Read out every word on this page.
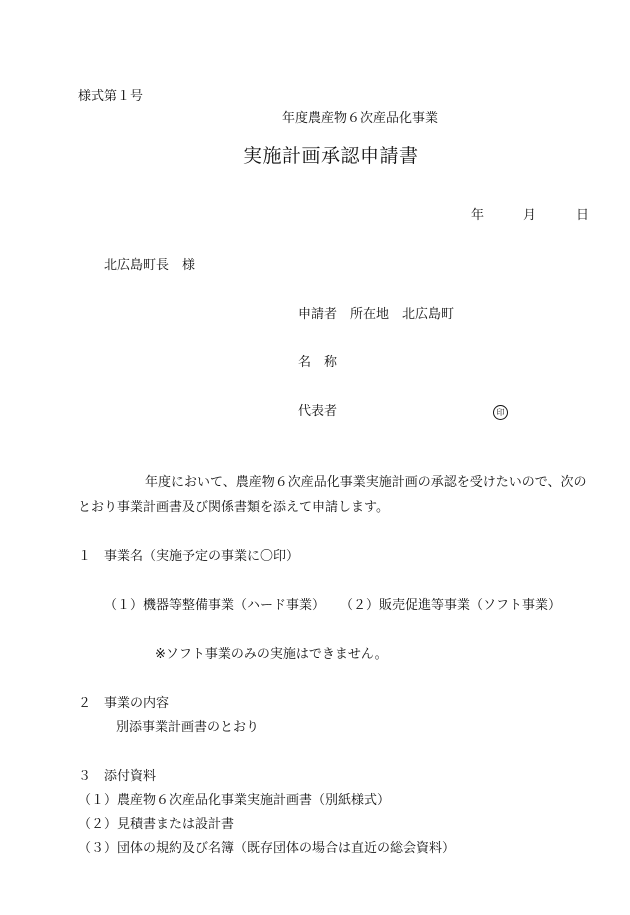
様式第１号
年度農産物６次産品化事業
実施計画承認申請書
年	月	日
北広島町長　様
申請者　所在地　北広島町
名　称
代表者	印
年度において、農産物６次産品化事業実施計画の承認を受けたいので、次の
とおり事業計画書及び関係書類を添えて申請します。
１　事業名（実施予定の事業に〇印）
（１）機器等整備事業（ハード事業） （２）販売促進等事業（ソフト事業）
※ソフト事業のみの実施はできません。
２　事業の内容
別添事業計画書のとおり
３　添付資料
（１）農産物６次産品化事業実施計画書（別紙様式）
（２）見積書または設計書
（３）団体の規約及び名簿（既存団体の場合は直近の総会資料）
